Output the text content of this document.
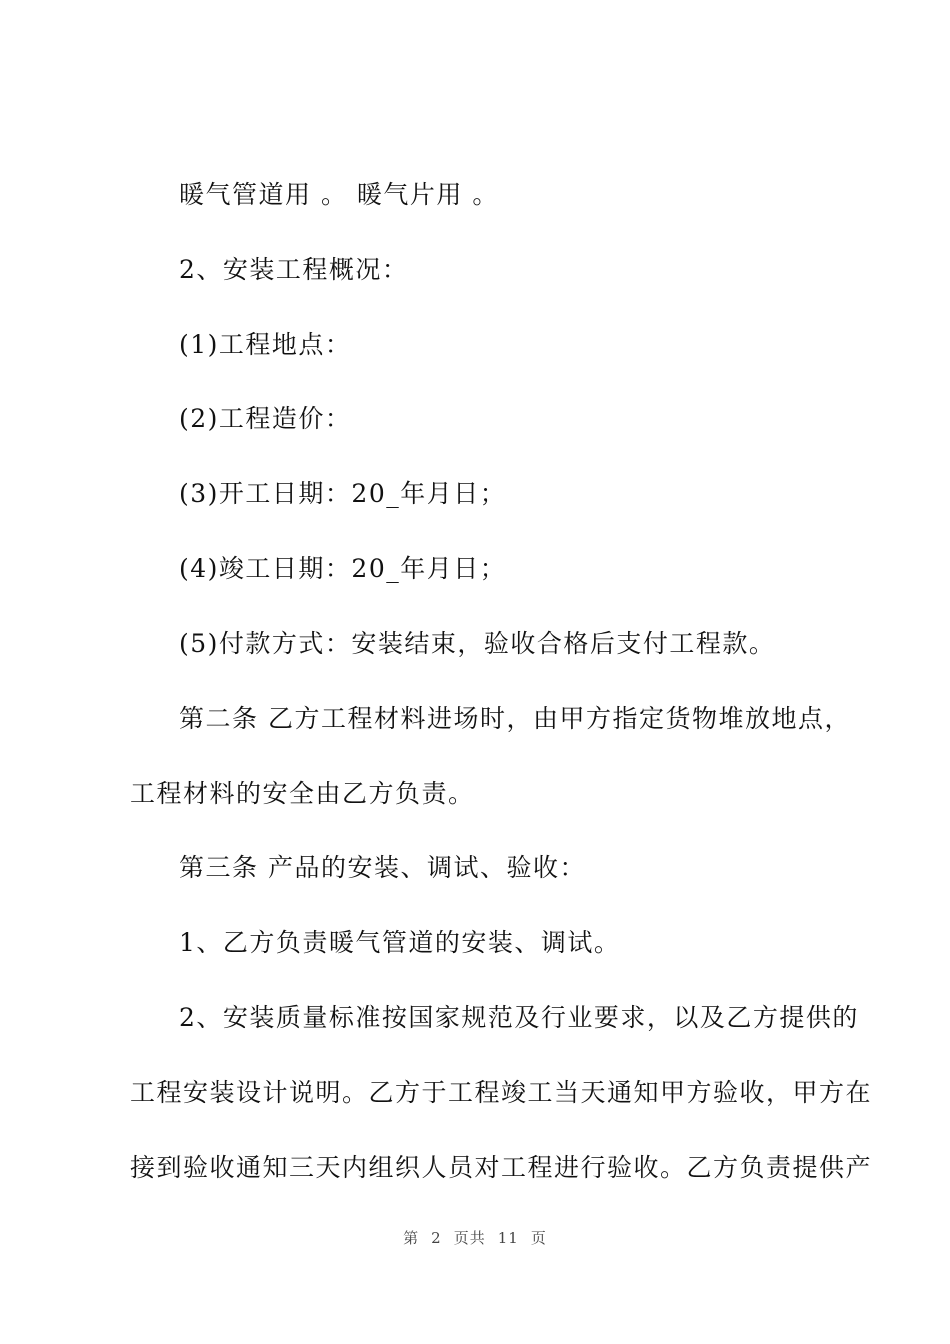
暖气管道用 。 暖气片用 。
2、安装工程概况：
(1)工程地点：
(2)工程造价：
(3)开工日期：20_年月日；
(4)竣工日期：20_年月日；
(5)付款方式：安装结束，验收合格后支付工程款。
第二条 乙方工程材料进场时，由甲方指定货物堆放地点，
工程材料的安全由乙方负责。
第三条 产品的安装、调试、验收：
1、乙方负责暖气管道的安装、调试。
2、安装质量标准按国家规范及行业要求，以及乙方提供的
工程安装设计说明。乙方于工程竣工当天通知甲方验收，甲方在
接到验收通知三天内组织人员对工程进行验收。乙方负责提供产
第 2 页共 11 页
